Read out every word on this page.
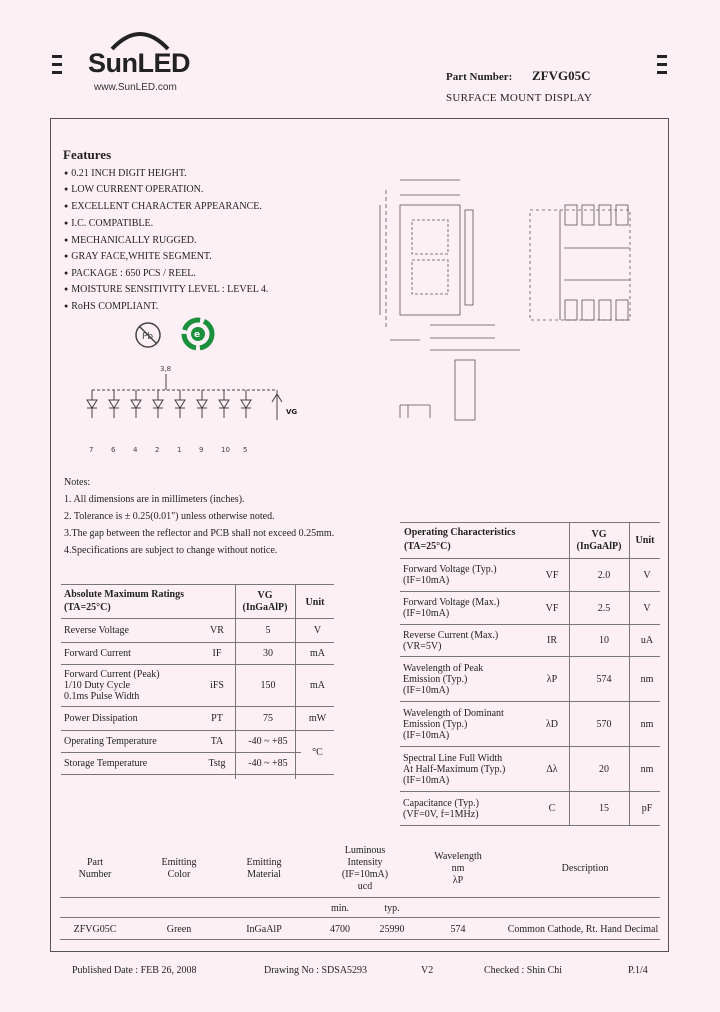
SunLED
www.SunLED.com
Part Number: ZFVG05C
SURFACE MOUNT DISPLAY
Features
● 0.21 INCH DIGIT HEIGHT.
● LOW CURRENT OPERATION.
● EXCELLENT CHARACTER APPEARANCE.
● I.C. COMPATIBLE.
● MECHANICALLY RUGGED.
● GRAY FACE,WHITE SEGMENT.
● PACKAGE : 650 PCS / REEL.
● MOISTURE SENSITIVITY LEVEL : LEVEL 4.
● RoHS COMPLIANT.
Pb	e
3,8
VG
7	6	4	2	1	9	10 5
Notes:
1. All dimensions are in millimeters (inches).
2. Tolerance is ± 0.25(0.01") unless otherwise noted.
3.The gap between the reflector and PCB shall not exceed 0.25mm.
4.Specifications are subject to change without notice.
Absolute Maximum Ratings
(TA=25°C)
VG
(InGaAlP)	Unit
Reverse Voltage	VR	5	V
Forward Current	IF	30	mA

Forward Current (Peak)
1/10 Duty Cycle
0.1ms Pulse Width	iFS	150	mA
Power Dissipation	PT	75	mW
Operating Temperature	TA	-40 ~ +85	°C
Storage Temperature	Tstg	-40 ~ +85	
Operating Characteristics
(TA=25°C)
VG
(InGaAlP)
Unit
Forward Voltage (Typ.)
(IF=10mA)	VF	2.0	V

Forward Voltage (Max.)
(IF=10mA)	VF	2.5	V

Reverse Current (Max.)
(VR=5V)	IR	10	uA

Wavelength of Peak
Emission (Typ.)
(IF=10mA)	λP	574	nm

Wavelength of Dominant
Emission (Typ.)
(IF=10mA)	λD	570	nm

Spectral Line Full Width
At Half-Maximum (Typ.)
(IF=10mA)	Δλ	20	nm

Capacitance (Typ.)
(VF=0V, f=1MHz)	C	15	pF
Part
Number
Emitting
Color
Emitting
Material
Luminous
Intensity
(IF=10mA)
ucd
Wavelength
nm
λP
Description
min.	typ.
ZFVG05C	Green	InGaAlP	4700	25990	574	Common Cathode, Rt. Hand Decimal
Published Date : FEB 26, 2008	Drawing No : SDSA5293	V2	Checked : Shin Chi	P.1/4
